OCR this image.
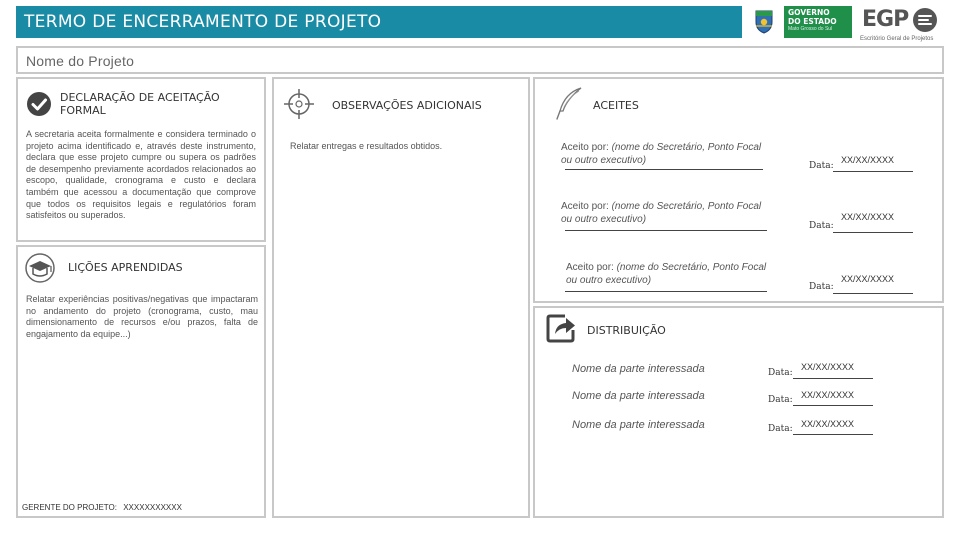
TERMO DE ENCERRAMENTO DE PROJETO	GOVERNO
DO ESTADO
Mato Grosso do Sul	EGP
Escritório Geral de Projetos
Nome do Projeto
DECLARAÇÃO DE ACEITAÇÃO FORMAL

A secretaria aceita formalmente e considera terminado o projeto acima identificado e, através deste instrumento, declara que esse projeto cumpre ou supera os padrões de desempenho previamente acordados relacionados ao escopo, qualidade, cronograma e custo e declara também que acessou a documentação que comprove que todos os requisitos legais e regulatórios foram satisfeitos ou superados.

LIÇÕES APRENDIDAS

Relatar experiências positivas/negativas que impactaram no andamento do projeto (cronograma, custo, mau dimensionamento de recursos e/ou prazos, falta de engajamento da equipe...)

GERENTE DO PROJETO: XXXXXXXXXXX
OBSERVAÇÕES ADICIONAIS

Relatar entregas e resultados obtidos.

ACEITES
Aceito por: (nome do Secretário, Ponto Focal ou outro executivo)	Data:
XX/XX/XXXX
Aceito por: (nome do Secretário, Ponto Focal ou outro executivo)
Data:
XX/XX/XXXX
Aceito por: (nome do Secretário, Ponto Focal ou outro executivo)
Data:
XX/XX/XXXX
DISTRIBUIÇÃO
Nome da parte interessada	Data:
XX/XX/XXXX
Nome da parte interessada	Data: XX/XX/XXXX
Nome da parte interessada	Data: XX/XX/XXXX
